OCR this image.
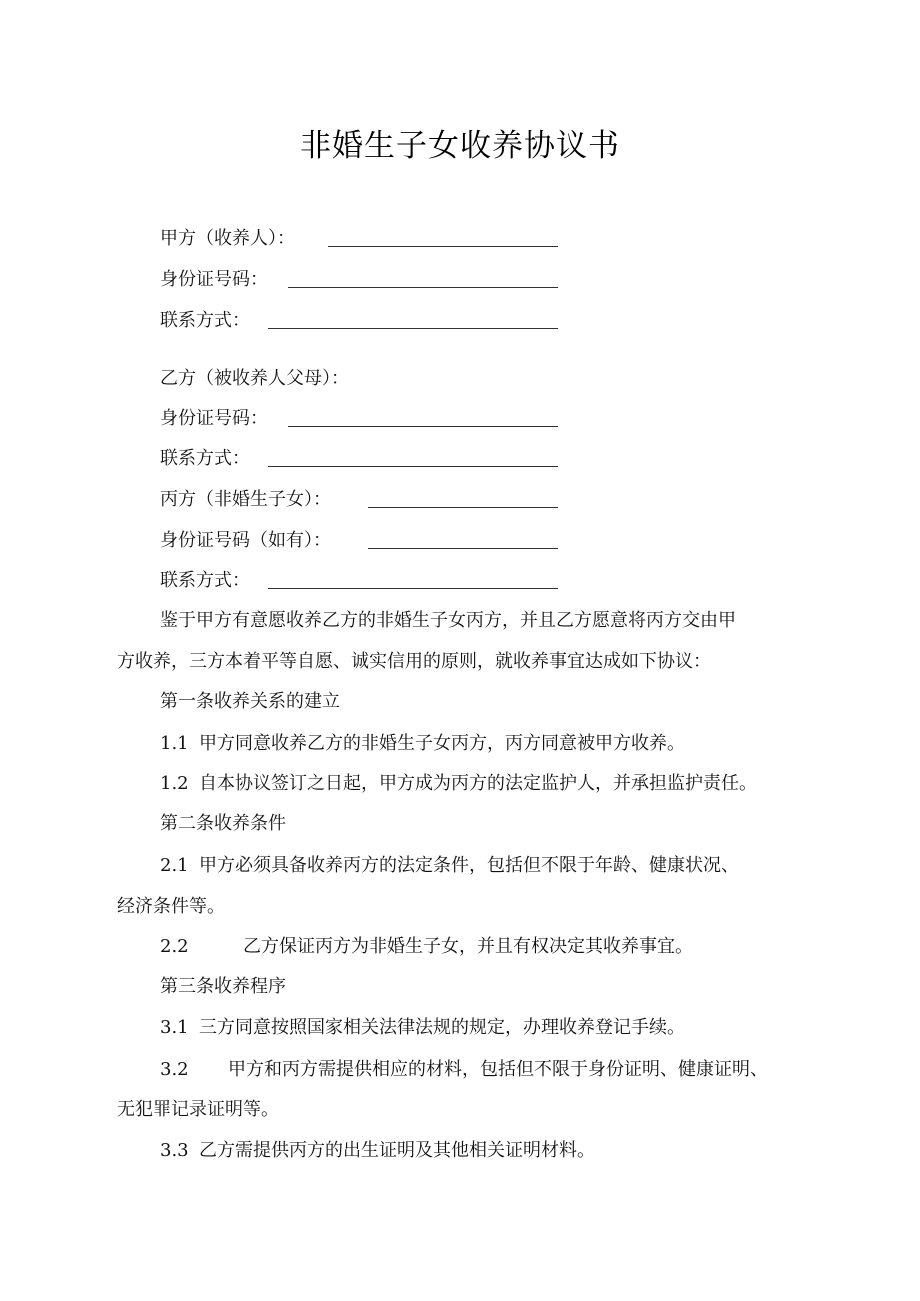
非婚生子女收养协议书
甲方（收养人）：
身份证号码：
联系方式：
乙方（被收养人父母）：
身份证号码：
联系方式：
丙方（非婚生子女）：
身份证号码（如有）：
联系方式：
鉴于甲方有意愿收养乙方的非婚生子女丙方，并且乙方愿意将丙方交由甲
方收养，三方本着平等自愿、诚实信用的原则，就收养事宜达成如下协议：
第一条收养关系的建立
1.1 甲方同意收养乙方的非婚生子女丙方，丙方同意被甲方收养。
1.2 自本协议签订之日起，甲方成为丙方的法定监护人，并承担监护责任。
第二条收养条件
2.1 甲方必须具备收养丙方的法定条件，包括但不限于年龄、健康状况、
经济条件等。
2.2	乙方保证丙方为非婚生子女，并且有权决定其收养事宜。
第三条收养程序
3.1 三方同意按照国家相关法律法规的规定，办理收养登记手续。
3.2 甲方和丙方需提供相应的材料，包括但不限于身份证明、健康证明、
无犯罪记录证明等。
3.3 乙方需提供丙方的出生证明及其他相关证明材料。
